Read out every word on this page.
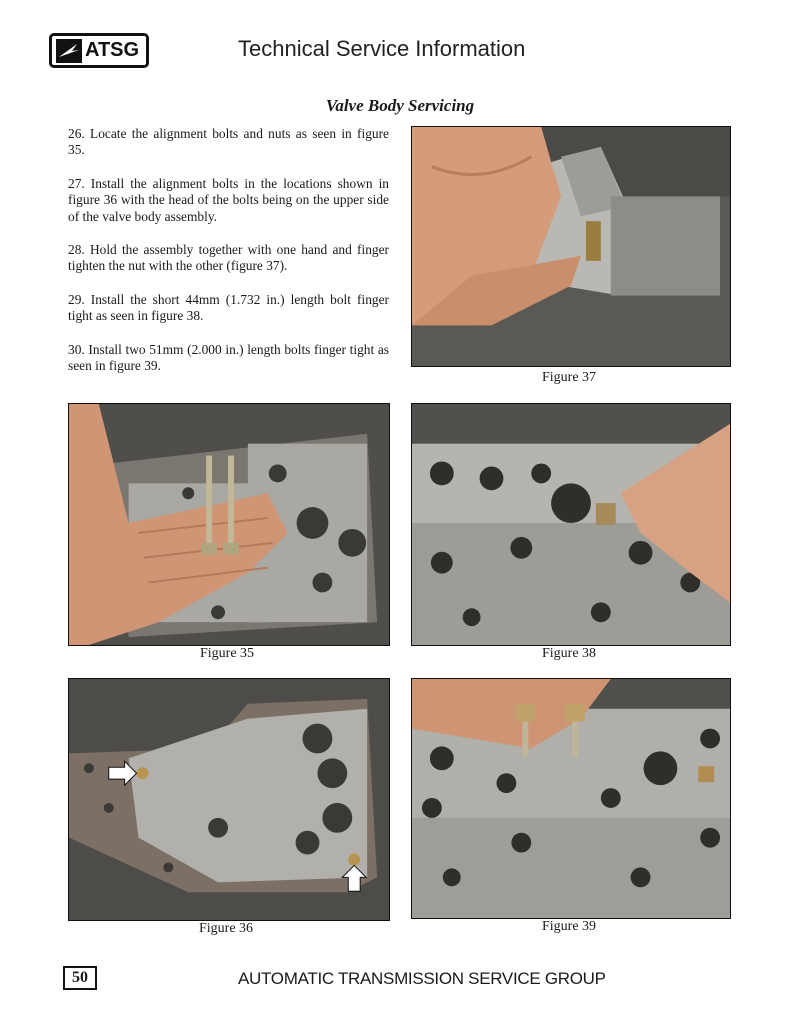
ATSG	Technical Service Information
Valve Body Servicing

26. Locate the alignment bolts and nuts as seen in figure 35.

27. Install the alignment bolts in the locations shown in figure 36 with the head of the bolts being on the upper side of the valve body assembly.

28. Hold the assembly together with one hand and finger tighten the nut with the other (figure 37).

29. Install the short 44mm (1.732 in.) length bolt finger tight as seen in figure 38.

30. Install two 51mm (2.000 in.) length bolts finger tight as seen in figure 39.

Figure 37
Figure 35	Figure 38
Figure 36	Figure 39
50	AUTOMATIC TRANSMISSION SERVICE GROUP
